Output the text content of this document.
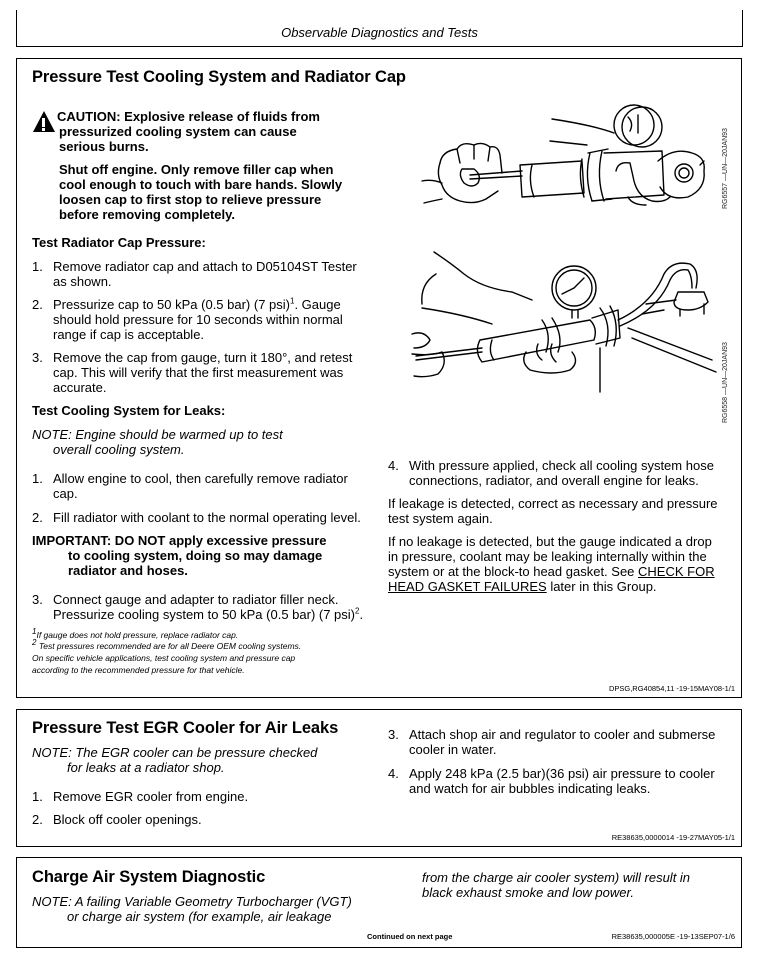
Observable Diagnostics and Tests
Pressure Test Cooling System and Radiator Cap
CAUTION: Explosive release of fluids from
pressurized cooling system can cause
serious burns.
Shut off engine. Only remove filler cap when
cool enough to touch with bare hands. Slowly
loosen cap to first stop to relieve pressure
before removing completely.
Test Radiator Cap Pressure:
1. Remove radiator cap and attach to D05104ST Tester
as shown.
2. Pressurize cap to 50 kPa (0.5 bar) (7 psi)$^1$. Gauge
should hold pressure for 10 seconds within normal
range if cap is acceptable.
3. Remove the cap from gauge, turn it 180°, and retest
cap. This will verify that the first measurement was
accurate.
Test Cooling System for Leaks:
NOTE: Engine should be warmed up to test
overall cooling system.
1. Allow engine to cool, then carefully remove radiator
cap.
2. Fill radiator with coolant to the normal operating level.
IMPORTANT: DO NOT apply excessive pressure
to cooling system, doing so may damage
radiator and hoses.
3. Connect gauge and adapter to radiator filler neck.
Pressurize cooling system to 50 kPa (0.5 bar) (7 psi)$^2$.
$^1$If gauge does not hold pressure, replace radiator cap.
$^2$ Test pressures recommended are for all Deere OEM cooling systems.
On specific vehicle applications, test cooling system and pressure cap
according to the recommended pressure for that vehicle.
RG6557 —UN—20JAN93
RG6558 —UN—20JAN93
4. With pressure applied, check all cooling system hose
connections, radiator, and overall engine for leaks.
If leakage is detected, correct as necessary and pressure
test system again.
If no leakage is detected, but the gauge indicated a drop
in pressure, coolant may be leaking internally within the
system or at the block-to head gasket. See CHECK FOR
HEAD GASKET FAILURES later in this Group.
DPSG,RG40854,11 -19-15MAY08-1/1
Pressure Test EGR Cooler for Air Leaks
NOTE: The EGR cooler can be pressure checked
for leaks at a radiator shop.
1. Remove EGR cooler from engine.
2. Block off cooler openings.
3. Attach shop air and regulator to cooler and submerse
cooler in water.
4. Apply 248 kPa (2.5 bar)(36 psi) air pressure to cooler
and watch for air bubbles indicating leaks.
RE38635,0000014 -19-27MAY05-1/1
Charge Air System Diagnostic
NOTE: A failing Variable Geometry Turbocharger (VGT)
or charge air system (for example, air leakage
from the charge air cooler system) will result in
black exhaust smoke and low power.
Continued on next page	RE38635,000005E -19-13SEP07-1/6
